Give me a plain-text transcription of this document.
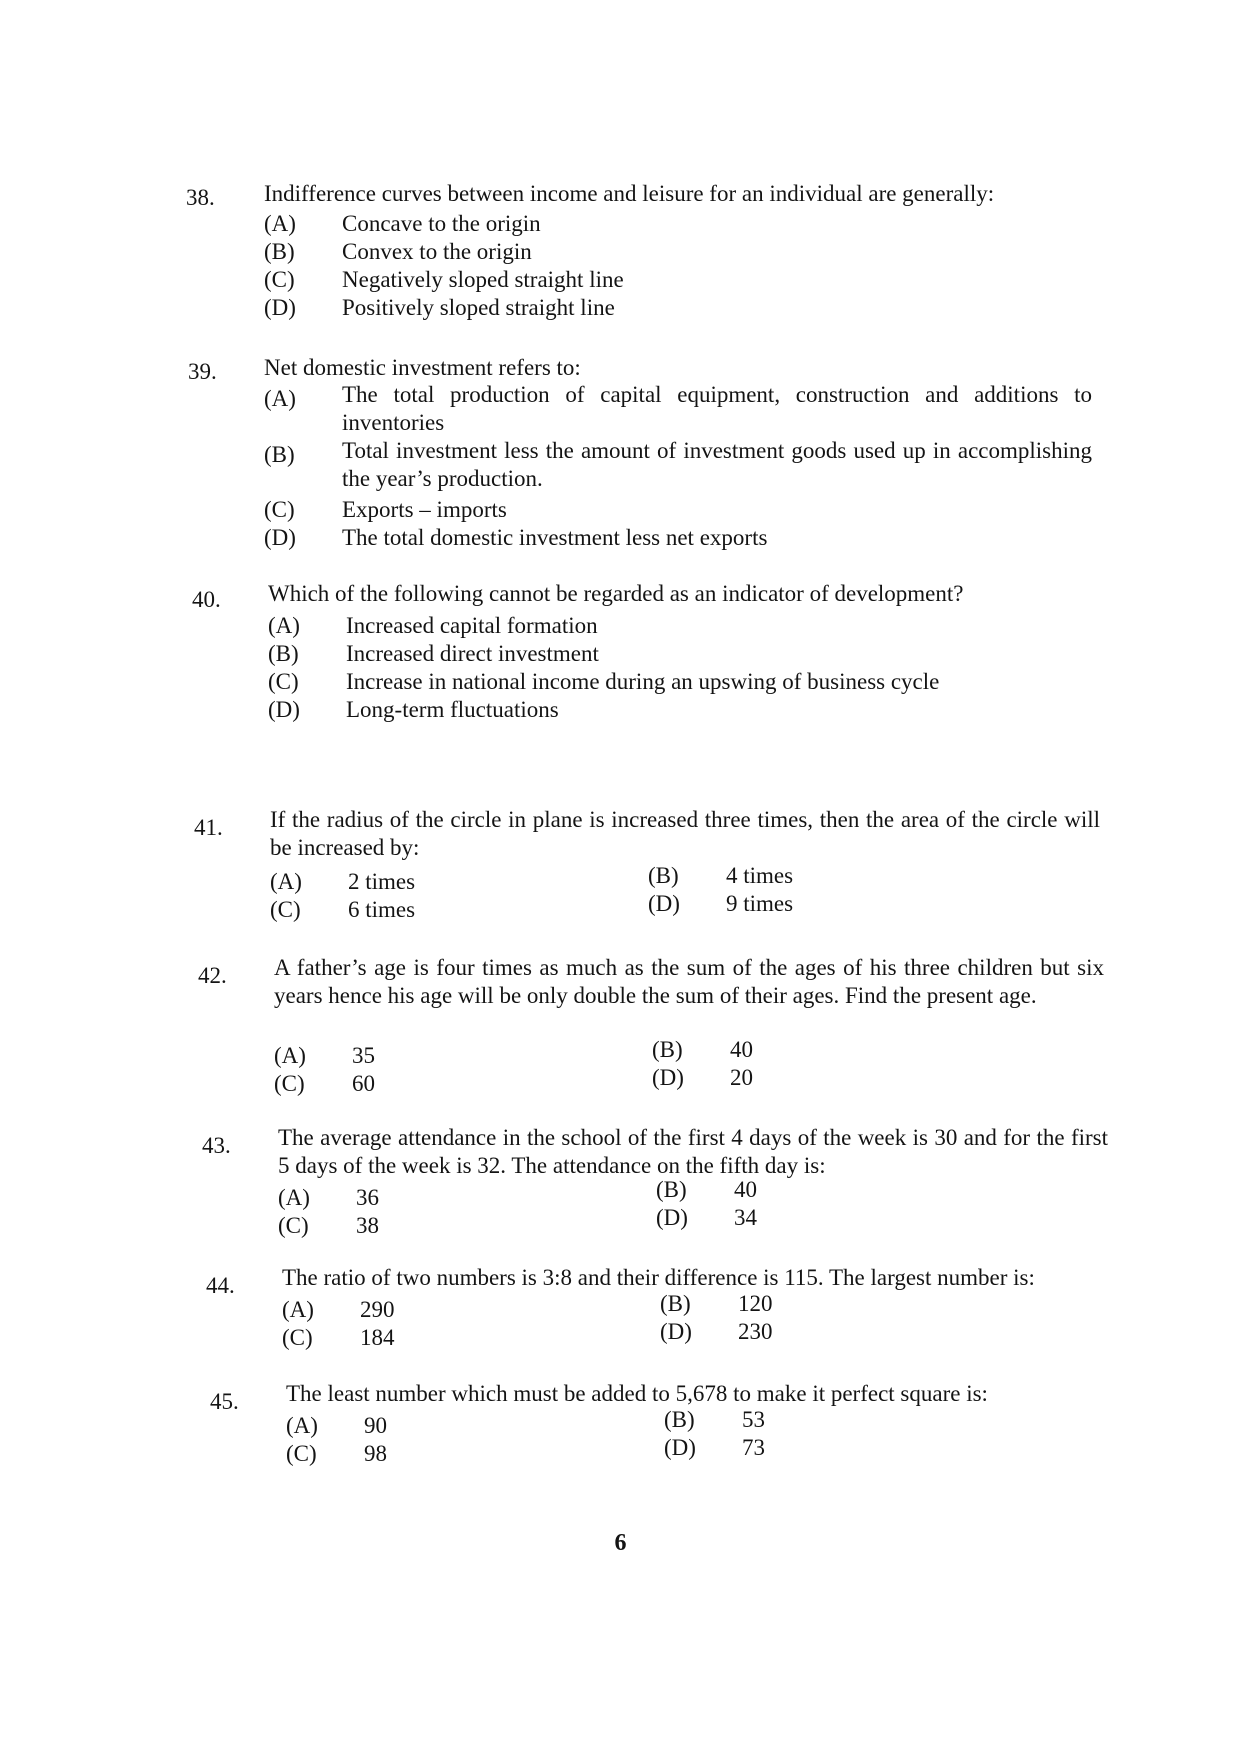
38. Indifference curves between income and leisure for an individual are generally:
(A) Concave to the origin
(B) Convex to the origin
(C) Negatively sloped straight line
(D) Positively sloped straight line
39. Net domestic investment refers to:
(A) The total production of capital equipment, construction and additions to inventories
(B) Total investment less the amount of investment goods used up in accomplishing the year’s production.
(C) Exports – imports
(D) The total domestic investment less net exports
40. Which of the following cannot be regarded as an indicator of development?
(A) Increased capital formation
(B) Increased direct investment
(C) Increase in national income during an upswing of business cycle
(D) Long-term fluctuations
41. If the radius of the circle in plane is increased three times, then the area of the circle will be increased by:
(A) 2 times	(B) 4 times
(C) 6 times	(D) 9 times
42. A father’s age is four times as much as the sum of the ages of his three children but six years hence his age will be only double the sum of their ages. Find the present age.
(A) 35	(B) 40
(C) 60	(D) 20
43. The average attendance in the school of the first 4 days of the week is 30 and for the first 5 days of the week is 32. The attendance on the fifth day is:
(A) 36	(B) 40
(C) 38	(D) 34
44. The ratio of two numbers is 3:8 and their difference is 115. The largest number is:
(A) 290	(B) 120
(C) 184	(D) 230
45. The least number which must be added to 5,678 to make it perfect square is:
(A) 90	(B) 53
(C) 98	(D) 73
6
